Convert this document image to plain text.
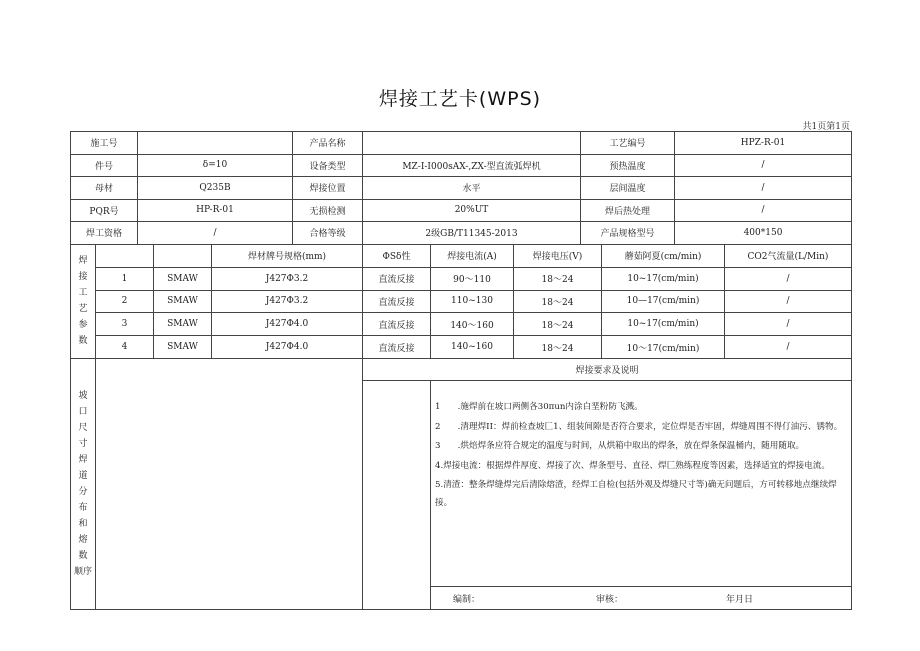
焊接工艺卡(WPS)
共1页第1页
施工号		产品名称		工艺编号	HPZ-R-01
件号	δ=10	设备类型	MZ-I-I000sAX-,ZX-型直流弧焊机	预热温度	/
母材	Q235B	焊接位置	水平	层间温度	/
PQR号	HP-R-01	无损检测	20%UT	焊后热处理	/
焊工资格	/	合格等级	2级GB/T11345-2013	产品规格型号	400*150
焊 接 工 艺 参 数			焊材牌号规格(mm)	ΦSδ性	焊接电流(A)	焊接电压(V)	蘑茹阿夏(cm/min)	CO2气流量(L/Min)
	1	SMAW	J427Φ3.2	直流反接	90～110	18～24	10~17(cm/min)	/
	2	SMAW	J427Φ3.2	直流反接	110~130	18～24	10—17(cm/min)	/
	3	SMAW	J427Φ4.0	直流反接	140～160	18～24	10~17(cm/min)	/
	4	SMAW	J427Φ4.0	直流反接	140~160	18～24	10～17(cm/min)	/
坡 口 尺 寸 焊 道 分 布 和 熔 数 顺序		焊接要求及说明	

			1　　.施焊前在坡口两侧各30πun内涂白垩粉防飞溅。

2　　.清理焊II：焊前检查坡匚1、组装间隙是否符合要求，定位焊是否牢固，焊缝周围不得仃油污、锈物。

3　　.烘焙焊条应符合规定的温度与时间，从烘箱中取出的焊条，放在焊条保温桶内，随用随取。

4.焊接电流：根据焊件厚度、焊接了次、焊条型号、直径、焊匚熟练程度等因素，选择适宜的焊接电流。

5.清渣：整条焊缝焊完后清除熔渣，经焊工自检(包括外观及焊缝尺寸等)确无问题后，方可转移地点继续焊接。

			编制： 审核： 年月日
